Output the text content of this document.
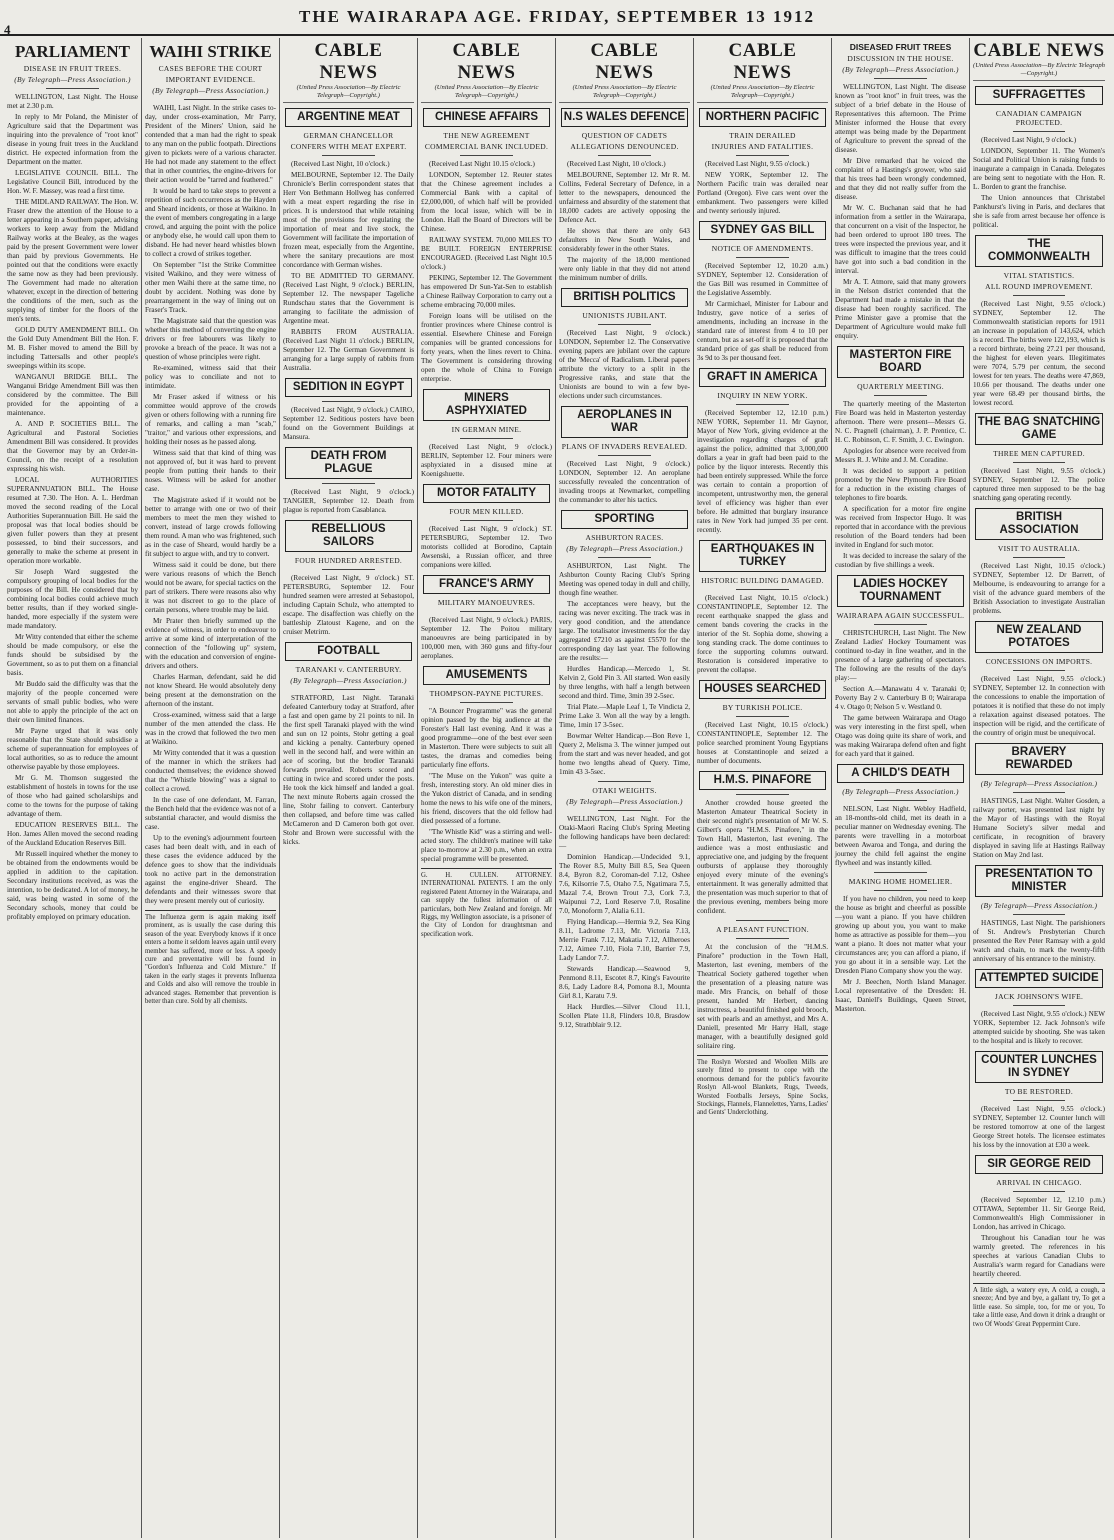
4
THE WAIRARAPA AGE. FRIDAY, SEPTEMBER 13 1912
PARLIAMENT
DISEASE IN FRUIT TREES.
(By Telegraph—Press Association.)

WELLINGTON, Last Night. The House met at 2.30 p.m.

In reply to Mr Poland, the Minister of Agriculture said that the Department was inquiring into the prevalence of "root knot" disease in young fruit trees in the Auckland district. He expected information from the Department on the matter.

LEGISLATIVE COUNCIL BILL. The Legislative Council Bill, introduced by the Hon. W. F. Massey, was read a first time.

THE MIDLAND RAILWAY. The Hon. W. Fraser drew the attention of the House to a letter appearing in a Southern paper, advising workers to keep away from the Midland Railway works at the Bealey, as the wages paid by the present Government were lower than paid by previous Governments. He pointed out that the conditions were exactly the same now as they had been previously. The Government had made no alteration whatever, except in the direction of bettering the conditions of the men, such as the supplying of timber for the floors of the men's tents.

GOLD DUTY AMENDMENT BILL. On the Gold Duty Amendment Bill the Hon. F. M. B. Fisher moved to amend the Bill by including Tattersalls and other people's sweepings within its scope.

WANGANUI BRIDGE BILL. The Wanganui Bridge Amendment Bill was then considered by the committee. The Bill provided for the appointing of a maintenance.

A. AND P. SOCIETIES BILL. The Agricultural and Pastoral Societies Amendment Bill was considered. It provides that the Governor may by an Order-in-Council, on the receipt of a resolution expressing his wish.

LOCAL AUTHORITIES SUPERANNUATION BILL. The House resumed at 7.30. The Hon. A. L. Herdman moved the second reading of the Local Authorities Superannuation Bill. He said the proposal was that local bodies should be given fuller powers than they at present possessed, to bind their successors, and generally to make the scheme at present in operation more workable.

Sir Joseph Ward suggested the compulsory grouping of local bodies for the purposes of the Bill. He considered that by combining local bodies could achieve much better results, than if they worked single-handed, more especially if the system were made mandatory.

Mr Witty contended that either the scheme should be made compulsory, or else the funds should be subsidised by the Government, so as to put them on a financial basis.

Mr Buddo said the difficulty was that the majority of the people concerned were servants of small public bodies, who were not able to apply the principle of the act on their own limited finances.

Mr Payne urged that it was only reasonable that the State should subsidise a scheme of superannuation for employees of local authorities, so as to reduce the amount otherwise payable by those employees.

Mr G. M. Thomson suggested the establishment of hostels in towns for the use of those who had gained scholarships and come to the towns for the purpose of taking advantage of them.

EDUCATION RESERVES BILL. The Hon. James Allen moved the second reading of the Auckland Education Reserves Bill.

Mr Russell inquired whether the money to be obtained from the endowments would be applied in addition to the capitation. Secondary institutions received, as was the intention, to be dedicated. A lot of money, he said, was being wasted in some of the Secondary schools, money that could be profitably employed on primary education.

WAIHI STRIKE
CASES BEFORE THE COURT
IMPORTANT EVIDENCE.
(By Telegraph—Press Association.)

WAIHI, Last Night. In the strike cases to-day, under cross-examination, Mr Parry, President of the Miners' Union, said he contended that a man had the right to speak to any man on the public footpath. Directions given to pickets were of a various character. He had not made any statement to the effect that in other countries, the engine-drivers for their action would be "tarred and feathered."

It would be hard to take steps to prevent a repetition of such occurrences as the Hayden and Sheard incidents, or those at Waikino. In the event of members congregating in a large crowd, and arguing the point with the police or anybody else, he would call upon them to disband. He had never heard whistles blown to collect a crowd of strikes together.

On September "1st the Strike Committee visited Waikino, and they were witness of other men Waihi there at the same time, no doubt by accident. Nothing was done by prearrangement in the way of lining out on Fraser's Track.

The Magistrate said that the question was whether this method of converting the engine drivers or free labourers was likely to provoke a breach of the peace. It was not a question of whose principles were right.

Re-examined, witness said that their policy was to conciliate and not to intimidate.

Mr Fraser asked if witness or his committee would approve of the crowds given or others following with a running fire of remarks, and calling a man "scab," "traitor," and various other expressions, and holding their noses as he passed along.

Witness said that that kind of thing was not approved of, but it was hard to prevent people from putting their hands to their noses. Witness will be asked for another case.

The Magistrate asked if it would not be better to arrange with one or two of their members to meet the men they wished to convert, instead of large crowds following them round. A man who was frightened, such as in the case of Sheard, would hardly be a fit subject to argue with, and try to convert.

Witness said it could be done, but there were various reasons of which the Bench would not be aware, for special tactics on the part of strikers. There were reasons also why it was not discreet to go to the place of certain persons, where trouble may be laid.

Mr Prater then briefly summed up the evidence of witness, in order to endeavour to arrive at some kind of interpretation of the connection of the "following up" system, with the education and conversion of engine-drivers and others.

Charles Harman, defendant, said he did not know Sheard. He would absolutely deny being present at the demonstration on the afternoon of the instant.

Cross-examined, witness said that a large number of the men attended the class. He was in the crowd that followed the two men at Waikino.

Mr Witty contended that it was a question of the manner in which the strikers had conducted themselves; the evidence showed that the "Whistle blowing" was a signal to collect a crowd.

In the case of one defendant, M. Farran, the Bench held that the evidence was not of a substantial character, and would dismiss the case.

Up to the evening's adjournment fourteen cases had been dealt with, and in each of these cases the evidence adduced by the defence goes to show that the individuals took no active part in the demonstration against the engine-driver Sheard. The defendants and their witnesses swore that they were present merely out of curiosity.

The Influenza germ is again making itself prominent, as is usually the case during this season of the year. Everybody knows if it once enters a home it seldom leaves again until every member has suffered, more or less. A speedy cure and preventative will be found in "Gordon's Influenza and Cold Mixture." If taken in the early stages it prevents Influenza and Colds and also will remove the trouble in advanced stages. Remember that prevention is better than cure. Sold by all chemists.
CABLE NEWS
(United Press Association—By Electric Telegraph—Copyright.)
ARGENTINE MEAT
GERMAN CHANCELLOR
CONFERS WITH MEAT EXPERT.

(Received Last Night, 10 o'clock.)

MELBOURNE, September 12. The Daily Chronicle's Berlin correspondent states that Herr Von Bethmann Hollweg has conferred with a meat expert regarding the rise in prices. It is understood that while retaining most of the provisions for regulating the importation of meat and live stock, the Government will facilitate the importation of frozen meat, especially from the Argentine, where the sanitary precautions are most concordance with German wishes.

TO BE ADMITTED TO GERMANY. (Received Last Night, 9 o'clock.) BERLIN, September 12. The newspaper Tageliche Rundschau states that the Government is arranging to facilitate the admission of Argentine meat.

RABBITS FROM AUSTRALIA. (Received Last Night 11 o'clock.) BERLIN, September 12. The German Government is arranging for a large supply of rabbits from Australia.

SEDITION IN EGYPT

(Received Last Night, 9 o'clock.) CAIRO, September 12. Seditious posters have been found on the Government Buildings at Mansura.

DEATH FROM PLAGUE

(Received Last Night, 9 o'clock.) TANGIER, September 12. Death from plague is reported from Casablanca.

REBELLIOUS SAILORS
FOUR HUNDRED ARRESTED.

(Received Last Night, 9 o'clock.) ST. PETERSBURG, September 12. Four hundred seamen were arrested at Sebastopol, including Captain Schulz, who attempted to escape. The disaffection was chiefly on the battleship Zlatoust Kagene, and on the cruiser Metrirm.

FOOTBALL
TARANAKI v. CANTERBURY.
(By Telegraph—Press Association.)

STRATFORD, Last Night. Taranaki defeated Canterbury today at Stratford, after a fast and open game by 21 points to nil. In the first spell Taranaki played with the wind and sun on 12 points, Stohr getting a goal and kicking a penalty. Canterbury opened well in the second half, and were within an ace of scoring, but the brodier Taranaki forwards prevailed. Roberts scored and cutting in twice and scored under the posts. He took the kick himself and landed a goal. The next minute Roberts again crossed the line, Stohr failing to convert. Canterbury then collapsed, and before time was called McCameron and D Cameron both got over. Stohr and Brown were successful with the kicks.

CABLE NEWS
(United Press Association—By Electric Telegraph—Copyright.)
CHINESE AFFAIRS
THE NEW AGREEMENT
COMMERCIAL BANK INCLUDED.

(Received Last Night 10.15 o'clock.)

LONDON, September 12. Reuter states that the Chinese agreement includes a Commercial Bank with a capital of £2,000,000, of which half will be provided from the local issue, which will be in London. Hall the Board of Directors will be Chinese.

RAILWAY SYSTEM. 70,000 MILES TO BE BUILT. FOREIGN ENTERPRISE ENCOURAGED. (Received Last Night 10.5 o'clock.)

PEKING, September 12. The Government has empowered Dr Sun-Yat-Sen to establish a Chinese Railway Corporation to carry out a scheme embracing 70,000 miles.

Foreign loans will be utilised on the frontier provinces where Chinese control is essential. Elsewhere Chinese and Foreign companies will be granted concessions for forty years, when the lines revert to China. The Government is considering throwing open the whole of China to Foreign enterprise.

MINERS ASPHYXIATED
IN GERMAN MINE.

(Received Last Night, 9 o'clock.) BERLIN, September 12. Four miners were asphyxiated in a disused mine at Koenigshuette.

MOTOR FATALITY
FOUR MEN KILLED.

(Received Last Night, 9 o'clock.) ST. PETERSBURG, September 12. Two motorists collided at Borodino, Captain Awsenski, a Russian officer, and three companions were killed.

FRANCE'S ARMY
MILITARY MANOEUVRES.

(Received Last Night, 9 o'clock.) PARIS, September 12. The Poitou military manoeuvres are being participated in by 100,000 men, with 360 guns and fifty-four aeroplanes.

AMUSEMENTS
THOMPSON-PAYNE PICTURES.

"A Bouncer Programme" was the general opinion passed by the big audience at the Forester's Hall last evening. And it was a good programme—one of the best ever seen in Masterton. There were subjects to suit all tastes, the dramas and comedies being particularly fine efforts.

"The Muse on the Yukon" was quite a fresh, interesting story. An old miner dies in the Yukon district of Canada, and in sending home the news to his wife one of the miners, his friend, discovers that the old fellow had died possessed of a fortune.

"The Whistle Kid" was a stirring and well-acted story. The children's matinee will take place to-morrow at 2.30 p.m., when an extra special programme will be presented.

G. H. CULLEN. ATTORNEY. INTERNATIONAL PATENTS. I am the only registered Patent Attorney in the Wairarapa, and can supply the fullest information of all particulars, both New Zealand and foreign. Mr Riggs, my Wellington associate, is a prisoner of the City of London for draughtsman and specification work.
CABLE NEWS
(United Press Association—By Electric Telegraph—Copyright.)
N.S WALES DEFENCE
QUESTION OF CADETS
ALLEGATIONS DENOUNCED.

(Received Last Night, 10 o'clock.)

MELBOURNE, September 12. Mr R. M. Collins, Federal Secretary of Defence, in a letter to the newspapers, denounced the unfairness and absurdity of the statement that 18,000 cadets are actively opposing the Defence Act.

He shows that there are only 643 defaulters in New South Wales, and considerably fewer in the other States.

The majority of the 18,000 mentioned were only liable in that they did not attend the minimum number of drills.

BRITISH POLITICS
UNIONISTS JUBILANT.

(Received Last Night, 9 o'clock.) LONDON, September 12. The Conservative evening papers are jubilant over the capture of the 'Mecca' of Radicalism. Liberal papers attribute the victory to a split in the Progressive ranks, and state that the Unionists are bound to win a few bye-elections under such circumstances.

AEROPLANES IN WAR
PLANS OF INVADERS REVEALED.

(Received Last Night, 9 o'clock.) LONDON, September 12. An aeroplane successfully revealed the concentration of invading troops at Newmarket, compelling the commander to alter his tactics.

SPORTING
ASHBURTON RACES.
(By Telegraph—Press Association.)

ASHBURTON, Last Night. The Ashburton County Racing Club's Spring Meeting was opened today in dull and chilly, though fine weather.

The acceptances were heavy, but the racing was never exciting. The track was in very good condition, and the attendance large. The totalisator investments for the day aggregated £7210 as against £5570 for the corresponding day last year. The following are the results:—

Hurdles Handicap.—Mercedo 1, St. Kelvin 2, Gold Pin 3. All started. Won easily by three lengths, with half a length between second and third. Time, 3min 39 2-5sec.

Trial Plate.—Maple Leaf 1, Te Vindicta 2, Prime Lake 3. Won all the way by a length. Time, 1min 17 3-5sec.

Bowmar Welter Handicap.—Bon Reve 1, Query 2, Melisma 3. The winner jumped out from the start and was never headed, and got home two lengths ahead of Query. Time, 1min 43 3-5sec.

OTAKI WEIGHTS.
(By Telegraph—Press Association.)

WELLINGTON, Last Night. For the Otaki-Maori Racing Club's Spring Meeting the following handicaps have been declared:—

Dominion Handicap.—Undecided 9.1, The Rover 8.5, Multy Bill 8.5, Sea Queen 8.4, Byron 8.2, Coroman-del 7.12, Oshee 7.6, Kilsorrie 7.5, Otaho 7.5, Ngatimara 7.5, Mazal 7.4, Brown Trout 7.3, Cork 7.3, Waipunui 7.2, Lord Reserve 7.0, Rosaline 7.0, Monoform 7, Alalia 6.11.

Flying Handicap.—Hermia 9.2, Sea King 8.11, Ladrome 7.13, Mr. Victoria 7.13, Merrie Frank 7.12, Makatia 7.12, Allheroes 7.12, Aimee 7.10, Fiola 7.10, Barrier 7.9, Lady Landor 7.7.

Stewards Handicap.—Seawood 9, Penmond 8.11, Escotet 8.7, King's Favourite 8.6, Lady Ladore 8.4, Pomona 8.1, Mounta Girl 8.1, Karatu 7.9.

Hack Hurdles.—Silver Cloud 11.1, Scollen Plate 11.8, Flinders 10.8, Brasdow 9.12, Strathblair 9.12.

CABLE NEWS
(United Press Association—By Electric Telegraph—Copyright.)
NORTHERN PACIFIC
TRAIN DERAILED
INJURIES AND FATALITIES.

(Received Last Night, 9.55 o'clock.)

NEW YORK, September 12. The Northern Pacific train was derailed near Portland (Oregon). Five cars went over the embankment. Two passengers were killed and twenty seriously injured.

SYDNEY GAS BILL
NOTICE OF AMENDMENTS.

(Received September 12, 10.20 a.m.) SYDNEY, September 12. Consideration of the Gas Bill was resumed in Committee of the Legislative Assembly.

Mr Carmichael, Minister for Labour and Industry, gave notice of a series of amendments, including an increase in the standard rate of interest from 4 to 10 per centum, but as a set-off it is proposed that the standard price of gas shall be reduced from 3s 9d to 3s per thousand feet.

GRAFT IN AMERICA
INQUIRY IN NEW YORK.

(Received September 12, 12.10 p.m.) NEW YORK, September 11. Mr Gaynor, Mayor of New York, giving evidence at the investigation regarding charges of graft against the police, admitted that 3,000,000 dollars a year in graft had been paid to the police by the liquor interests. Recently this had been entirely suppressed. While the force was certain to contain a proportion of incompetent, untrustworthy men, the general level of efficiency was higher than ever before. He admitted that burglary insurance rates in New York had jumped 35 per cent. recently.

EARTHQUAKES IN TURKEY
HISTORIC BUILDING DAMAGED.

(Received Last Night, 10.15 o'clock.) CONSTANTINOPLE, September 12. The recent earthquake snapped the glass and cement bands covering the cracks in the interior of the St. Sophia dome, showing a long standing crack. The dome continues to force the supporting columns outward. Restoration is considered imperative to prevent the collapse.

HOUSES SEARCHED
BY TURKISH POLICE.

(Received Last Night, 10.15 o'clock.) CONSTANTINOPLE, September 12. The police searched prominent Young Egyptians houses at Constantinople and seized a number of documents.

H.M.S. PINAFORE

Another crowded house greeted the Masterton Amateur Theatrical Society in their second night's presentation of Mr W. S. Gilbert's opera "H.M.S. Pinafore," in the Town Hall, Masterton, last evening. The audience was a most enthusiastic and appreciative one, and judging by the frequent outbursts of applause they thoroughly enjoyed every minute of the evening's entertainment. It was generally admitted that the presentation was much superior to that of the previous evening, members being more confident.

A PLEASANT FUNCTION.

At the conclusion of the "H.M.S. Pinafore" production in the Town Hall, Masterton, last evening, members of the Theatrical Society gathered together when the presentation of a pleasing nature was made. Mrs Francis, on behalf of those present, handed Mr Herbert, dancing instructress, a beautiful finished gold brooch, set with pearls and an amethyst, and Mrs A. Daniell, presented Mr Harry Hall, stage manager, with a beautifully designed gold solitaire ring.

The Roslyn Worsted and Woollen Mills are surely fitted to present to cope with the enormous demand for the public's favourite Roslyn All-wool Blankets, Rugs, Tweeds, Worsted Footballs Jerseys, Spine Socks, Stockings, Flannels, Flannelettes, Yarns, Ladies' and Gents' Underclothing.
DISEASED FRUIT TREES
DISCUSSION IN THE HOUSE.
(By Telegraph—Press Association.)

WELLINGTON, Last Night. The disease known as "root knot" in fruit trees, was the subject of a brief debate in the House of Representatives this afternoon. The Prime Minister informed the House that every attempt was being made by the Department of Agriculture to prevent the spread of the disease.

Mr Dive remarked that he voiced the complaint of a Hastings's grower, who said that his trees had been wrongly condemned, and that they did not really suffer from the disease.

Mr W. C. Buchanan said that he had information from a settler in the Wairarapa, that concurrent on a visit of the Inspector, he had been ordered to uproot 180 trees. The trees were inspected the previous year, and it was difficult to imagine that the trees could have got into such a bad condition in the interval.

Mr A. T. Atmore, said that many growers in the Nelson district contended that the Department had made a mistake in that the disease had been roughly sacrificed. The Prime Minister gave a promise that the Department of Agriculture would make full enquiry.

MASTERTON FIRE BOARD
QUARTERLY MEETING.

The quarterly meeting of the Masterton Fire Board was held in Masterton yesterday afternoon. There were present—Messrs G. N. C. Pragnell (chairman), J. P. Prentice, C. H. C. Robinson, C. F. Smith, J. C. Ewington.

Apologies for absence were received from Messrs R. J. White and J. M. Coradine.

It was decided to support a petition promoted by the New Plymouth Fire Board for a reduction in the existing charges of telephones to fire boards.

A specification for a motor fire engine was received from Inspector Hugo. It was reported that in accordance with the previous resolution of the Board tenders had been invited in England for such motor.

It was decided to increase the salary of the custodian by five shillings a week.

LADIES HOCKEY TOURNAMENT
WAIRARAPA AGAIN SUCCESSFUL.

CHRISTCHURCH, Last Night. The New Zealand Ladies' Hockey Tournament was continued to-day in fine weather, and in the presence of a large gathering of spectators. The following are the results of the day's play:—

Section A.—Manawatu 4 v. Taranaki 0; Poverty Bay 2 v. Canterbury B 0; Wairarapa 4 v. Otago 0; Nelson 5 v. Westland 0.

The game between Wairarapa and Otago was very interesting in the first spell, when Otago was doing quite its share of work, and was making Wairarapa defend often and fight for each yard that it gained.

A CHILD'S DEATH
(By Telegraph—Press Association.)

NELSON, Last Night. Webley Hadfield, an 18-months-old child, met its death in a peculiar manner on Wednesday evening. The parents were travelling in a motorboat between Awaroa and Tonga, and during the journey the child fell against the engine flywheel and was instantly killed.

MAKING HOME HOMELIER.

If you have no children, you need to keep the house as bright and cheerful as possible—you want a piano. If you have children growing up about you, you want to make home as attractive as possible for them—you want a piano. It does not matter what your circumstances are; you can afford a piano, if you go about it in a sensible way. Let the Dresden Piano Company show you the way.

Mr J. Beechen, North Island Manager. Local representative of the Dresden: H. Isaac, Daniell's Buildings, Queen Street, Masterton.

CABLE NEWS
(United Press Association—By Electric Telegraph—Copyright.)
SUFFRAGETTES
CANADIAN CAMPAIGN PROJECTED.

(Received Last Night, 9 o'clock.)

LONDON, September 11. The Women's Social and Political Union is raising funds to inaugurate a campaign in Canada. Delegates are being sent to negotiate with the Hon. R. L. Borden to grant the franchise.

The Union announces that Christabel Pankhurst's living in Paris, and declares that she is safe from arrest because her offence is political.

THE COMMONWEALTH
VITAL STATISTICS.
ALL ROUND IMPROVEMENT.

(Received Last Night, 9.55 o'clock.) SYDNEY, September 12. The Commonwealth statistician reports for 1911 an increase in population of 143,624, which is a record. The births were 122,193, which is a record birthrate, being 27.21 per thousand, the highest for eleven years. Illegitimates were 7074, 5.79 per centum, the second lowest for ten years. The deaths were 47,869, 10.66 per thousand. The deaths under one year were 68.49 per thousand births, the lowest record.

THE BAG SNATCHING GAME
THREE MEN CAPTURED.

(Received Last Night, 9.55 o'clock.) SYDNEY, September 12. The police captured three men supposed to be the bag snatching gang operating recently.

BRITISH ASSOCIATION
VISIT TO AUSTRALIA.

(Received Last Night, 10.15 o'clock.) SYDNEY, September 12. Dr Barrett, of Melbourne, is endeavouring to arrange for a visit of the advance guard members of the British Association to investigate Australian problems.

NEW ZEALAND POTATOES
CONCESSIONS ON IMPORTS.

(Received Last Night, 9.55 o'clock.) SYDNEY, September 12. In connection with the concessions to enable the importation of potatoes it is notified that these do not imply a relaxation against diseased potatoes. The inspection will be rigid, and the certificate of the country of origin must be unequivocal.

BRAVERY REWARDED
(By Telegraph—Press Association.)

HASTINGS, Last Night. Walter Gosden, a railway porter, was presented last night by the Mayor of Hastings with the Royal Humane Society's silver medal and certificate, in recognition of bravery displayed in saving life at Hastings Railway Station on May 2nd last.

PRESENTATION TO MINISTER
(By Telegraph—Press Association.)

HASTINGS, Last Night. The parishioners of St. Andrew's Presbyterian Church presented the Rev Peter Ramsay with a gold watch and chain, to mark the twenty-fifth anniversary of his entrance to the ministry.

ATTEMPTED SUICIDE
JACK JOHNSON'S WIFE.

(Received Last Night, 9.55 o'clock.) NEW YORK, September 12. Jack Johnson's wife attempted suicide by shooting. She was taken to the hospital and is likely to recover.

COUNTER LUNCHES IN SYDNEY
TO BE RESTORED.

(Received Last Night, 9.55 o'clock.) SYDNEY, September 12. Counter lunch will be restored tomorrow at one of the largest George Street hotels. The licensee estimates his loss by the innovation at £30 a week.

SIR GEORGE REID
ARRIVAL IN CHICAGO.

(Received September 12, 12.10 p.m.) OTTAWA, September 11. Sir George Reid, Commonwealth's High Commissioner in London, has arrived in Chicago.

Throughout his Canadian tour he was warmly greeted. The references in his speeches at various Canadian Clubs to Australia's warm regard for Canadians were heartily cheered.

A little sigh, a watery eye, A cold, a cough, a sneeze; And bye and bye, a gallant try, To get a little ease. So simple, too, for me or you, To take a little ease, And down it drink a draught or two Of Woods' Great Peppermint Cure.
